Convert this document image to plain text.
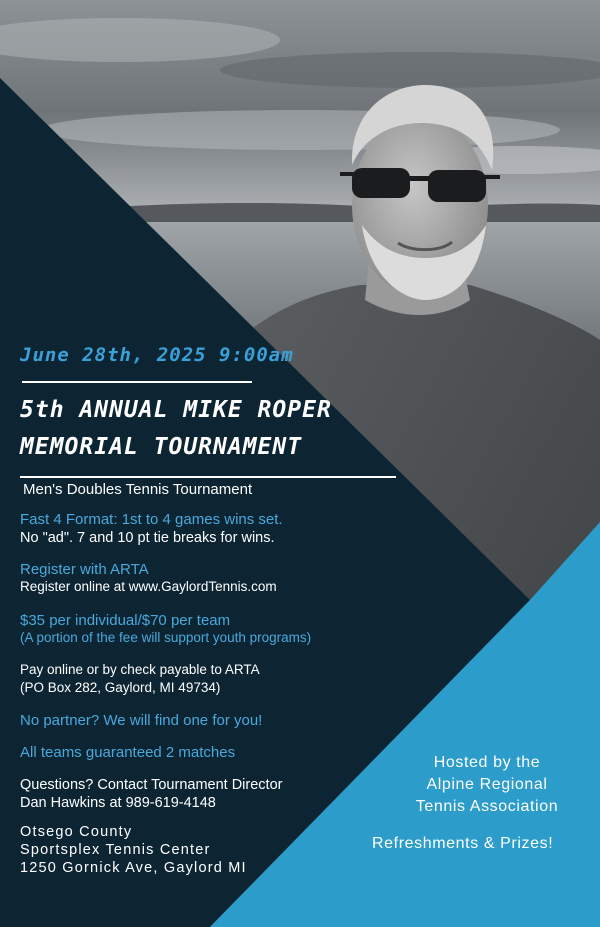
June 28th, 2025 9:00am

5th ANNUAL MIKE ROPER

MEMORIAL TOURNAMENT

Men's Doubles Tennis Tournament

Fast 4 Format: 1st to 4 games wins set.

No "ad". 7 and 10 pt tie breaks for wins.

Register with ARTA

Register online at www.GaylordTennis.com

$35 per individual/$70 per team

(A portion of the fee will support youth programs)

Pay online or by check payable to ARTA

(PO Box 282, Gaylord, MI 49734)

No partner? We will find one for you!

All teams guaranteed 2 matches

Questions? Contact Tournament Director

Dan Hawkins at 989-619-4148

Otsego County

Sportsplex Tennis Center

1250 Gornick Ave, Gaylord MI

Hosted by the
Alpine Regional
Tennis Association

Refreshments & Prizes!
